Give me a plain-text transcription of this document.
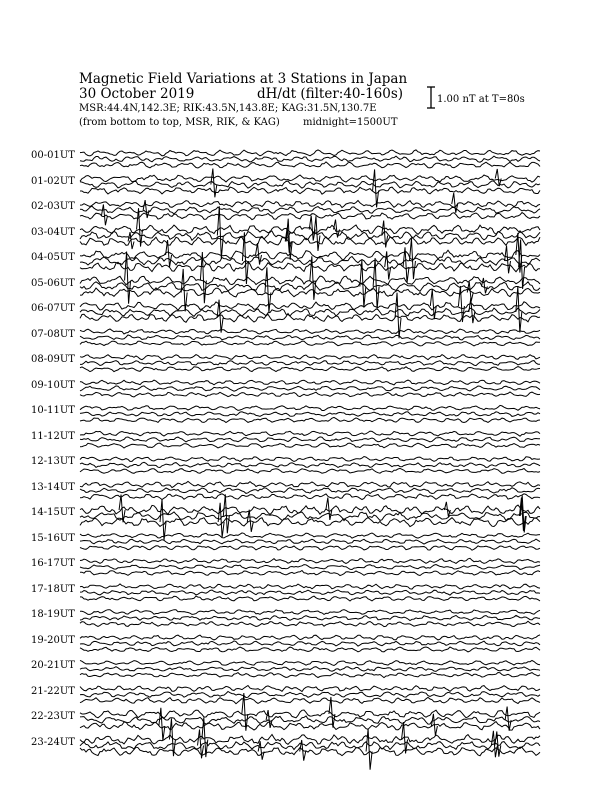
Magnetic Field Variations at 3 Stations in Japan
30 October 2019	dH/dt (filter:40-160s)
MSR:44.4N,142.3E; RIK:43.5N,143.8E; KAG:31.5N,130.7E
(from bottom to top, MSR, RIK, & KAG) midnight=1500UT
1.00 nT at T=80s
00-01UT
01-02UT
02-03UT
03-04UT
04-05UT
05-06UT
06-07UT
07-08UT
08-09UT
09-10UT
10-11UT
11-12UT
12-13UT
13-14UT
14-15UT
15-16UT
16-17UT
17-18UT
18-19UT
19-20UT
20-21UT
21-22UT
22-23UT
23-24UT
